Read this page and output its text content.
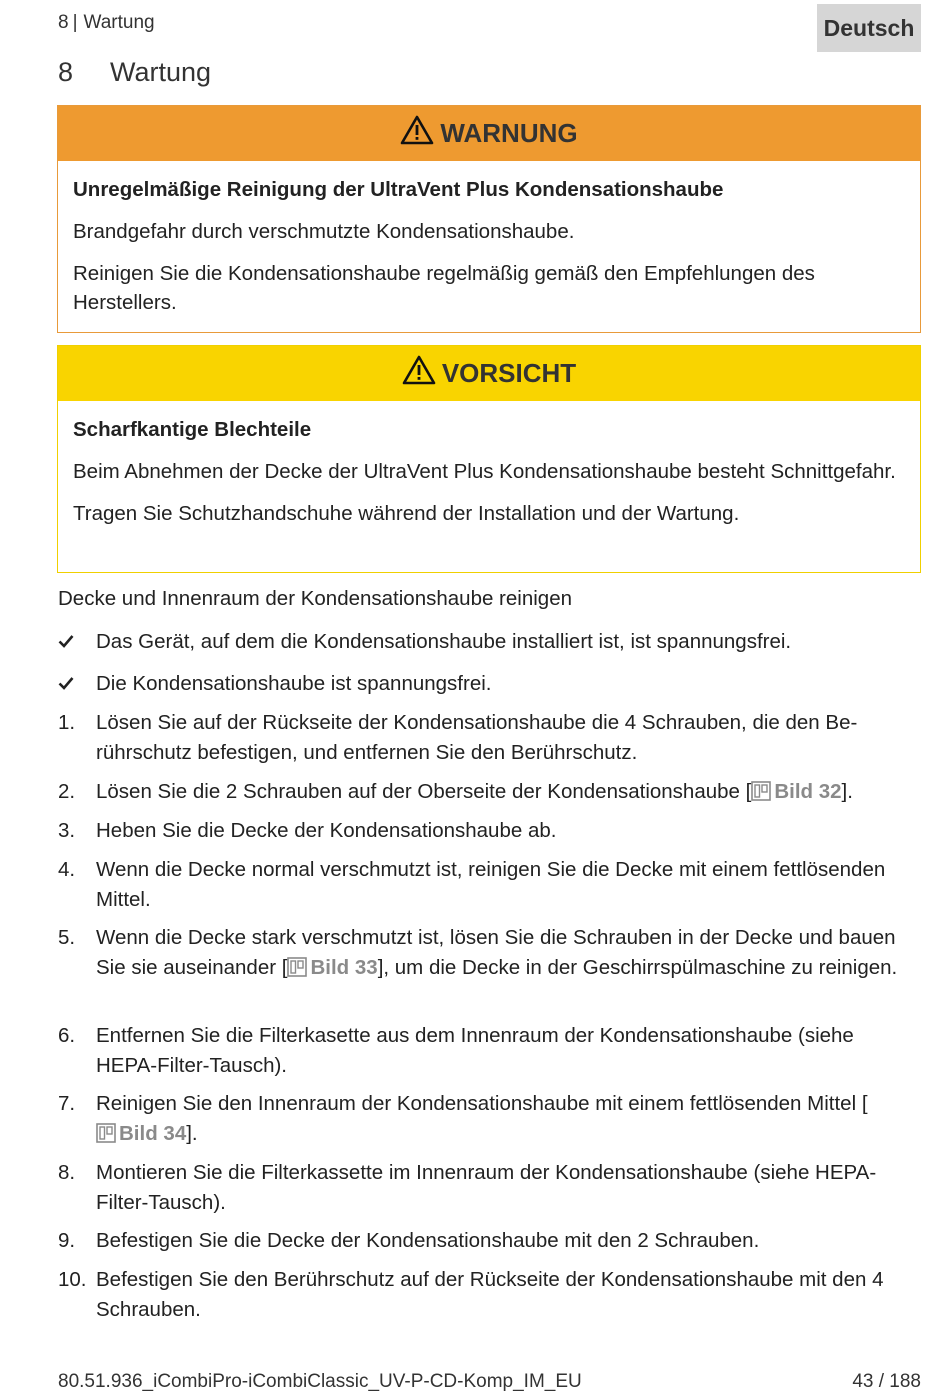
8 | Wartung	Deutsch
8	Wartung
WARNUNG

Unregelmäßige Reinigung der UltraVent Plus Kondensationshaube

Brandgefahr durch verschmutzte Kondensationshaube.

Reinigen Sie die Kondensationshaube regelmäßig gemäß den Empfehlungen des Herstellers.

VORSICHT

Scharfkantige Blechteile

Beim Abnehmen der Decke der UltraVent Plus Kondensationshaube besteht Schnittgefahr.

Tragen Sie Schutzhandschuhe während der Installation und der Wartung.

Decke und Innenraum der Kondensationshaube reinigen
Das Gerät, auf dem die Kondensationshaube installiert ist, ist spannungsfrei.
Die Kondensationshaube ist spannungsfrei.
1.	Lösen Sie auf der Rückseite der Kondensationshaube die 4 Schrauben, die den Berührschutz befestigen, und entfernen Sie den Berührschutz.
2.	Lösen Sie die 2 Schrauben auf der Oberseite der Kondensationshaube [ Bild 32].
3.	Heben Sie die Decke der Kondensationshaube ab.
4.	Wenn die Decke normal verschmutzt ist, reinigen Sie die Decke mit einem fettlösenden Mittel.
5.	Wenn die Decke stark verschmutzt ist, lösen Sie die Schrauben in der Decke und bauen Sie sie auseinander [ Bild 33], um die Decke in der Geschirrspülmaschine zu reinigen.
6.	Entfernen Sie die Filterkasette aus dem Innenraum der Kondensationshaube (siehe HEPA-Filter-Tausch).
7.	Reinigen Sie den Innenraum der Kondensationshaube mit einem fettlösenden Mittel [Bild 34].
8.	Montieren Sie die Filterkassette im Innenraum der Kondensationshaube (siehe HEPA-Filter-Tausch).
9.	Befestigen Sie die Decke der Kondensationshaube mit den 2 Schrauben.
10. Befestigen Sie den Berührschutz auf der Rückseite der Kondensationshaube mit den 4 Schrauben.
80.51.936_iCombiPro-iCombiClassic_UV-P-CD-Komp_IM_EU	43 / 188
